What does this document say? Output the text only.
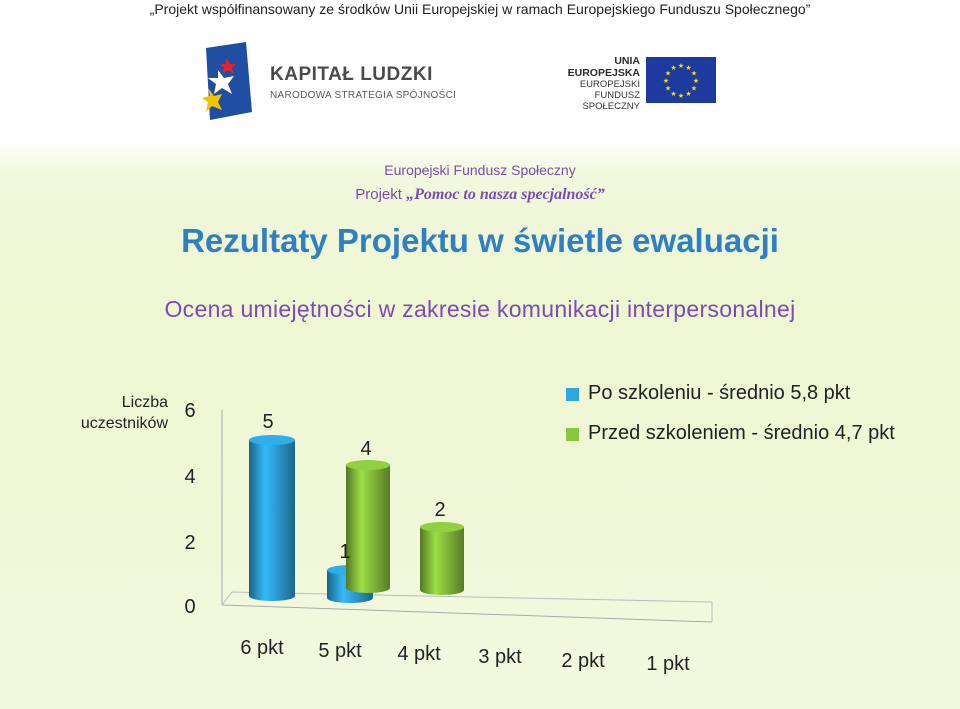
„Projekt współfinansowany ze środków Unii Europejskiej w ramach Europejskiego Funduszu Społecznego”
KAPITAŁ LUDZKI
NARODOWA STRATEGIA SPÓJNOŚCI
UNIA EUROPEJSKA
EUROPEJSKI
FUNDUSZ SPOŁECZNY
★
★
★
★
★
★
★
★
★ ★ ★
★
Europejski Fundusz Społeczny
Projekt „Pomoc to nasza specjalność”
Rezultaty Projektu w świetle ewaluacji
Ocena umiejętności w zakresie komunikacji interpersonalnej
Liczba
uczestników
6
4
2
0
6 pkt 5 pkt 4 pkt 3 pkt 2 pkt 1 pkt
5
1
4
2
Po szkoleniu - średnio 5,8 pkt
Przed szkoleniem - średnio 4,7 pkt
